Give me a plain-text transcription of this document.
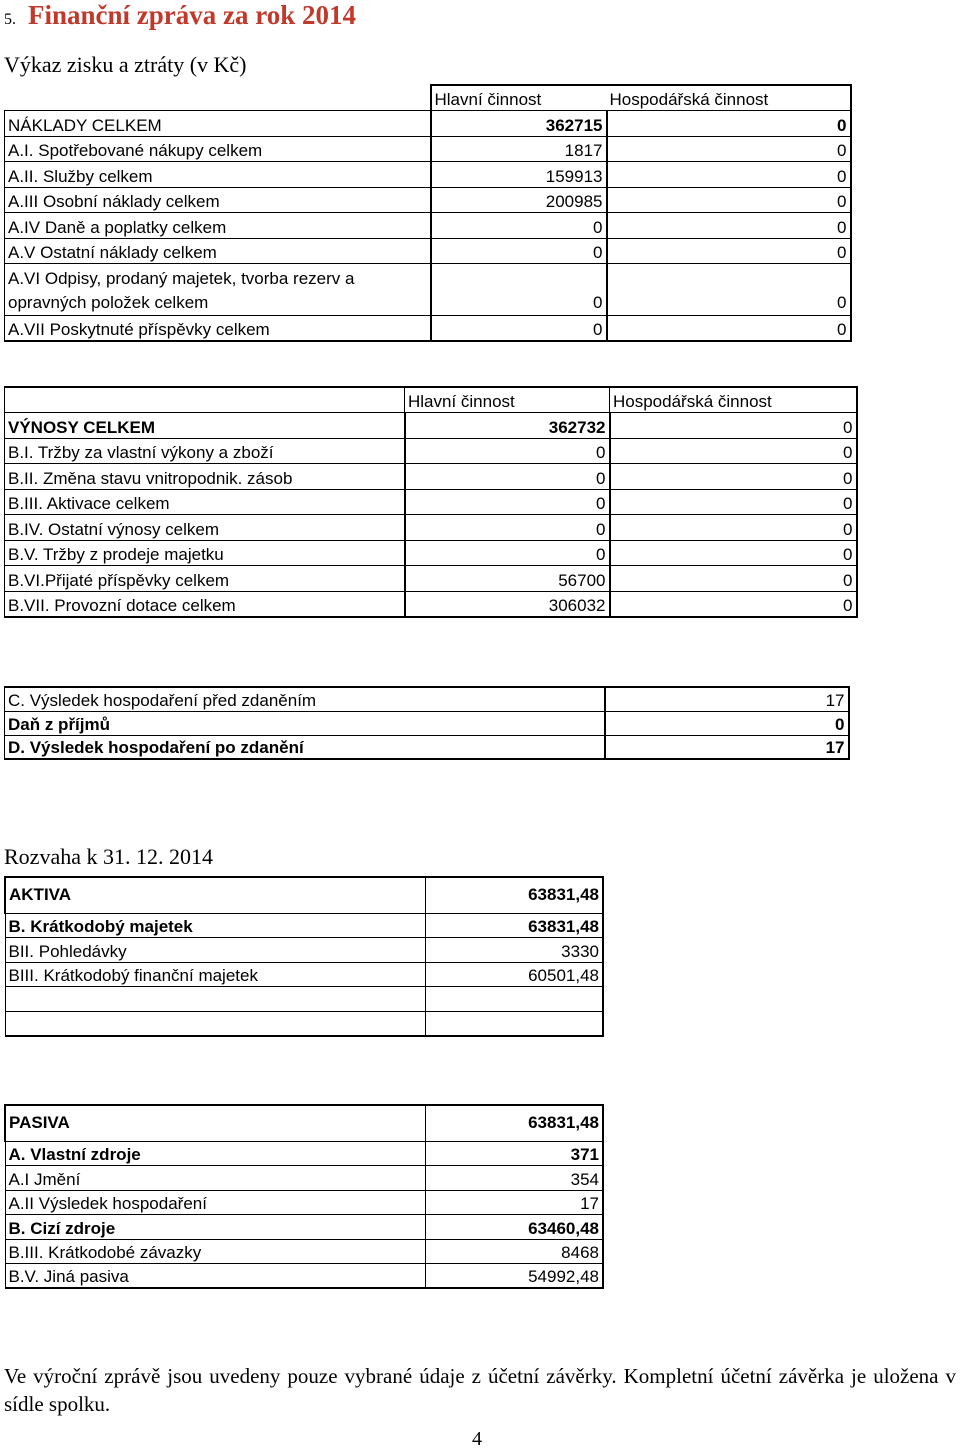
5. Finanční zpráva za rok 2014
Výkaz zisku a ztráty (v Kč)
	Hlavní činnost	Hospodářská činnost
NÁKLADY CELKEM	362715	0
A.I. Spotřebované nákupy celkem	1817	0
A.II. Služby celkem	159913	0
A.III Osobní náklady celkem	200985	0
A.IV Daně a poplatky celkem	0	0
A.V Ostatní náklady celkem	0	0
A.VI Odpisy, prodaný majetek, tvorba rezerv a opravných položek celkem	0	0
A.VII Poskytnuté příspěvky celkem	0	0
	Hlavní činnost	Hospodářská činnost
VÝNOSY CELKEM	362732	0
B.I. Tržby za vlastní výkony a zboží	0	0
B.II. Změna stavu vnitropodnik. zásob	0	0
B.III. Aktivace celkem	0	0
B.IV. Ostatní výnosy celkem	0	0
B.V. Tržby z prodeje majetku	0	0
B.VI.Přijaté příspěvky celkem	56700	0
B.VII. Provozní dotace celkem	306032	0
C. Výsledek hospodaření před zdaněním	17
Daň z příjmů	0
D. Výsledek hospodaření po zdanění	17
Rozvaha k 31. 12. 2014
AKTIVA	63831,48
B. Krátkodobý majetek	63831,48
BII. Pohledávky	3330
BIII. Krátkodobý finanční majetek	60501,48

PASIVA	63831,48
A. Vlastní zdroje	371
A.I Jmění	354
A.II Výsledek hospodaření	17
B. Cizí zdroje	63460,48
B.III. Krátkodobé závazky	8468
B.V. Jiná pasiva	54992,48
Ve výroční zprávě jsou uvedeny pouze vybrané údaje z účetní závěrky. Kompletní účetní závěrka je uložena v sídle spolku.
4
